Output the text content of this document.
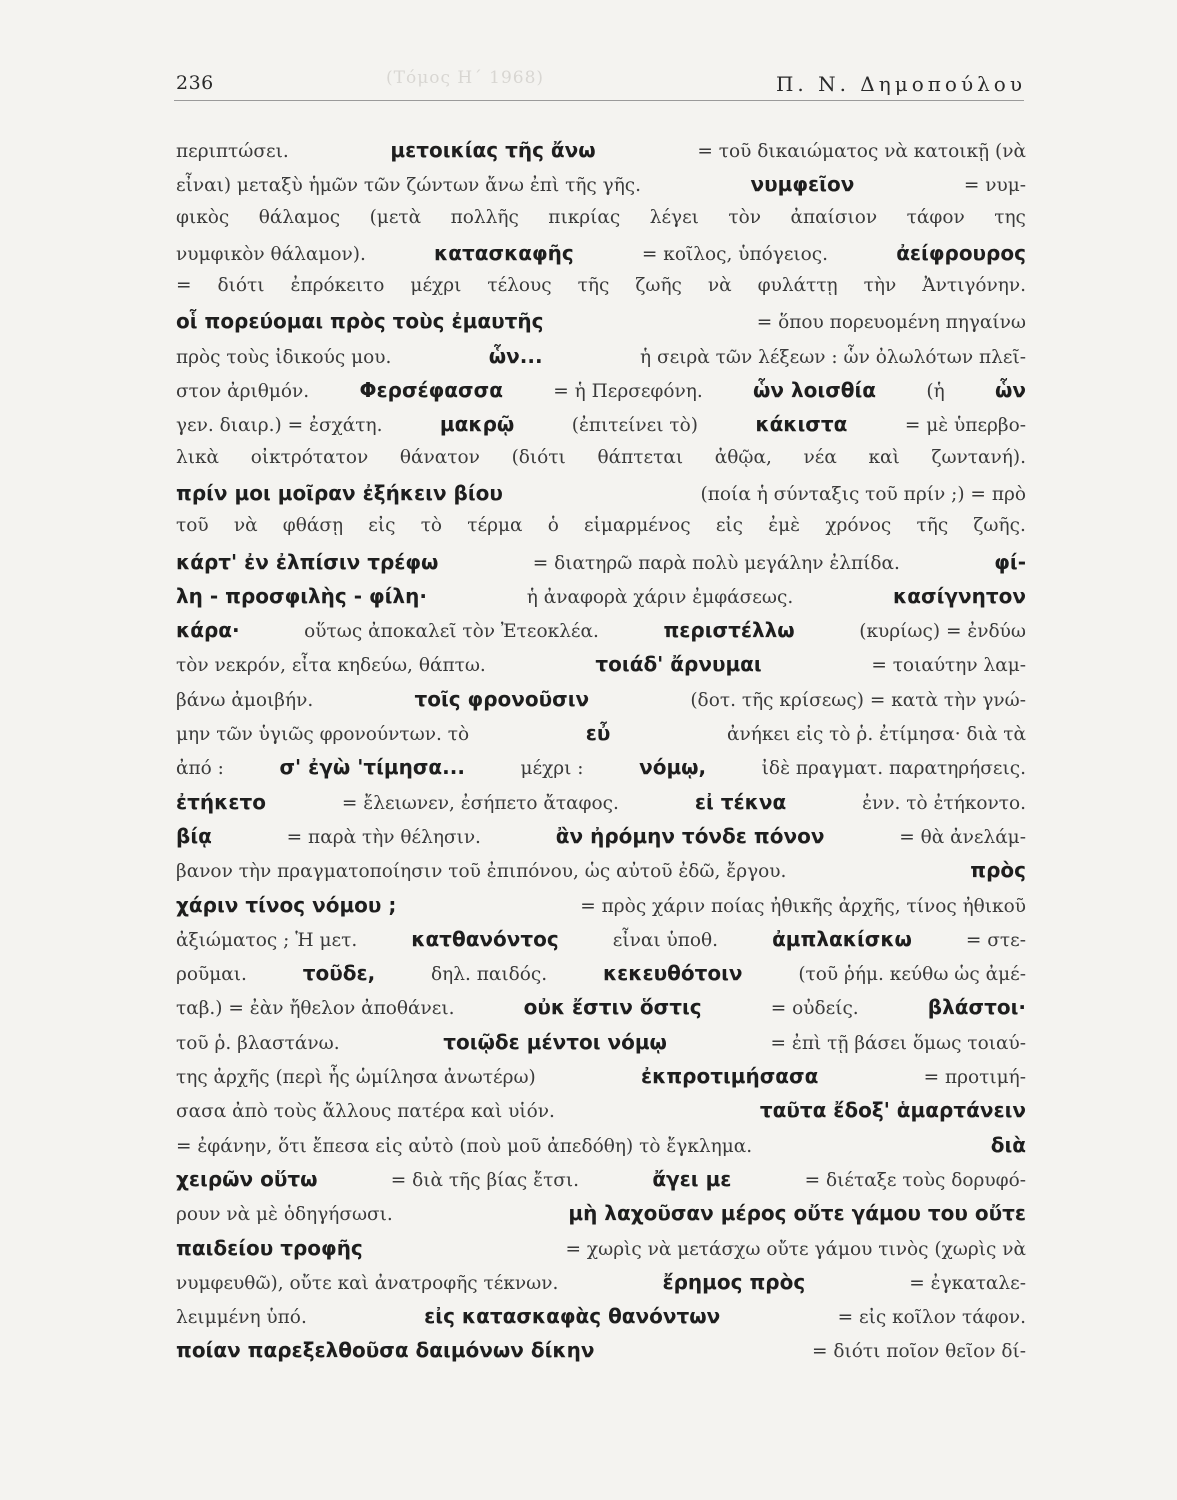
236	(Τόμος Η΄ 1968)	Π. Ν. Δημοπούλου
περιπτώσει.	μετοικίας τῆς ἄνω	= τοῦ δικαιώματος νὰ κατοικῇ (νὰ
εἶναι) μεταξὺ ἡμῶν τῶν ζώντων ἄνω ἐπὶ τῆς γῆς.	νυμφεῖον	= νυμ-
φικὸς θάλαμος (μετὰ πολλῆς πικρίας λέγει τὸν ἀπαίσιον τάφον της
νυμφικὸν θάλαμον).	κατασκαφῆς	= κοῖλος, ὑπόγειος.	ἀείφρουρος
= διότι ἐπρόκειτο μέχρι τέλους τῆς ζωῆς νὰ φυλάττῃ τὴν Ἀντιγόνην.
οἷ πορεύομαι πρὸς τοὺς ἐμαυτῆς	= ὅπου πορευομένη πηγαίνω
πρὸς τοὺς ἰδικούς μου.	ὧν...	ἡ σειρὰ τῶν λέξεων : ὧν ὀλωλότων πλεῖ-
στον ἀριθμόν.	Φερσέφασσα	= ἡ Περσεφόνη.	ὧν λοισθία	(ἡ	ὧν
γεν. διαιρ.) = ἐσχάτη.	μακρῷ	(ἐπιτείνει τὸ)	κάκιστα	= μὲ ὑπερβο-
λικὰ οἰκτρότατον θάνατον (διότι θάπτεται ἀθῷα, νέα καὶ ζωντανή).
πρίν μοι μοῖραν ἐξήκειν βίου	(ποία ἡ σύνταξις τοῦ πρίν ;) = πρὸ
τοῦ νὰ φθάσῃ εἰς τὸ τέρμα ὁ εἱμαρμένος εἰς ἐμὲ χρόνος τῆς ζωῆς.
κάρτ' ἐν ἐλπίσιν τρέφω	= διατηρῶ παρὰ πολὺ μεγάλην ἐλπίδα.	φί-
λη - προσφιλὴς - φίλη·	ἡ ἀναφορὰ χάριν ἐμφάσεως.	κασίγνητον
κάρα·	οὕτως ἀποκαλεῖ τὸν Ἐτεοκλέα.	περιστέλλω	(κυρίως) = ἐνδύω
τὸν νεκρόν, εἶτα κηδεύω, θάπτω.	τοιάδ' ἄρνυμαι	= τοιαύτην λαμ-
βάνω ἀμοιβήν.	τοῖς φρονοῦσιν	(δοτ. τῆς κρίσεως) = κατὰ τὴν γνώ-
μην τῶν ὑγιῶς φρονούντων. τὸ	εὖ	ἀνήκει εἰς τὸ ῥ. ἐτίμησα· διὰ τὰ
ἀπό :	σ' ἐγὼ 'τίμησα...	μέχρι :	νόμῳ,	ἰδὲ πραγματ. παρατηρήσεις.
ἐτήκετο	= ἔλειωνεν, ἐσήπετο ἄταφος.	εἰ τέκνα	ἐνν. τὸ ἐτήκοντο.
βίᾳ	= παρὰ τὴν θέλησιν.	ἂν ἠρόμην τόνδε πόνον	= θὰ ἀνελάμ-
βανον τὴν πραγματοποίησιν τοῦ ἐπιπόνου, ὡς αὐτοῦ ἐδῶ, ἔργου.	πρὸς
χάριν τίνος νόμου ;	= πρὸς χάριν ποίας ἠθικῆς ἀρχῆς, τίνος ἠθικοῦ
ἀξιώματος ; Ἡ μετ.	κατθανόντος	εἶναι ὑποθ.	ἀμπλακίσκω	= στε-
ροῦμαι.	τοῦδε,	δηλ. παιδός.	κεκευθότοιν	(τοῦ ῥήμ. κεύθω ὡς ἀμέ-
ταβ.) = ἐὰν ἤθελον ἀποθάνει.	οὐκ ἔστιν ὅστις	= οὐδείς.	βλάστοι·
τοῦ ῥ. βλαστάνω.	τοιῷδε μέντοι νόμῳ	= ἐπὶ τῇ βάσει ὅμως τοιαύ-
της ἀρχῆς (περὶ ἧς ὡμίλησα ἀνωτέρω)	ἐκπροτιμήσασα	= προτιμή-
σασα ἀπὸ τοὺς ἄλλους πατέρα καὶ υἱόν.	ταῦτα ἔδοξ' ἁμαρτάνειν
= ἐφάνην, ὅτι ἔπεσα εἰς αὐτὸ (ποὺ μοῦ ἀπεδόθη) τὸ ἔγκλημα.	διὰ
χειρῶν οὕτω	= διὰ τῆς βίας ἔτσι.	ἄγει με	= διέταξε τοὺς δορυφό-
ρουν νὰ μὲ ὁδηγήσωσι.	μὴ λαχοῦσαν μέρος οὔτε γάμου του οὔτε
παιδείου τροφῆς	= χωρὶς νὰ μετάσχω οὔτε γάμου τινὸς (χωρὶς νὰ
νυμφευθῶ), οὔτε καὶ ἀνατροφῆς τέκνων.	ἔρημος πρὸς	= ἐγκαταλε-
λειμμένη ὑπό.	εἰς κατασκαφὰς θανόντων	= εἰς κοῖλον τάφον.
ποίαν παρεξελθοῦσα δαιμόνων δίκην	= διότι ποῖον θεῖον δί-
